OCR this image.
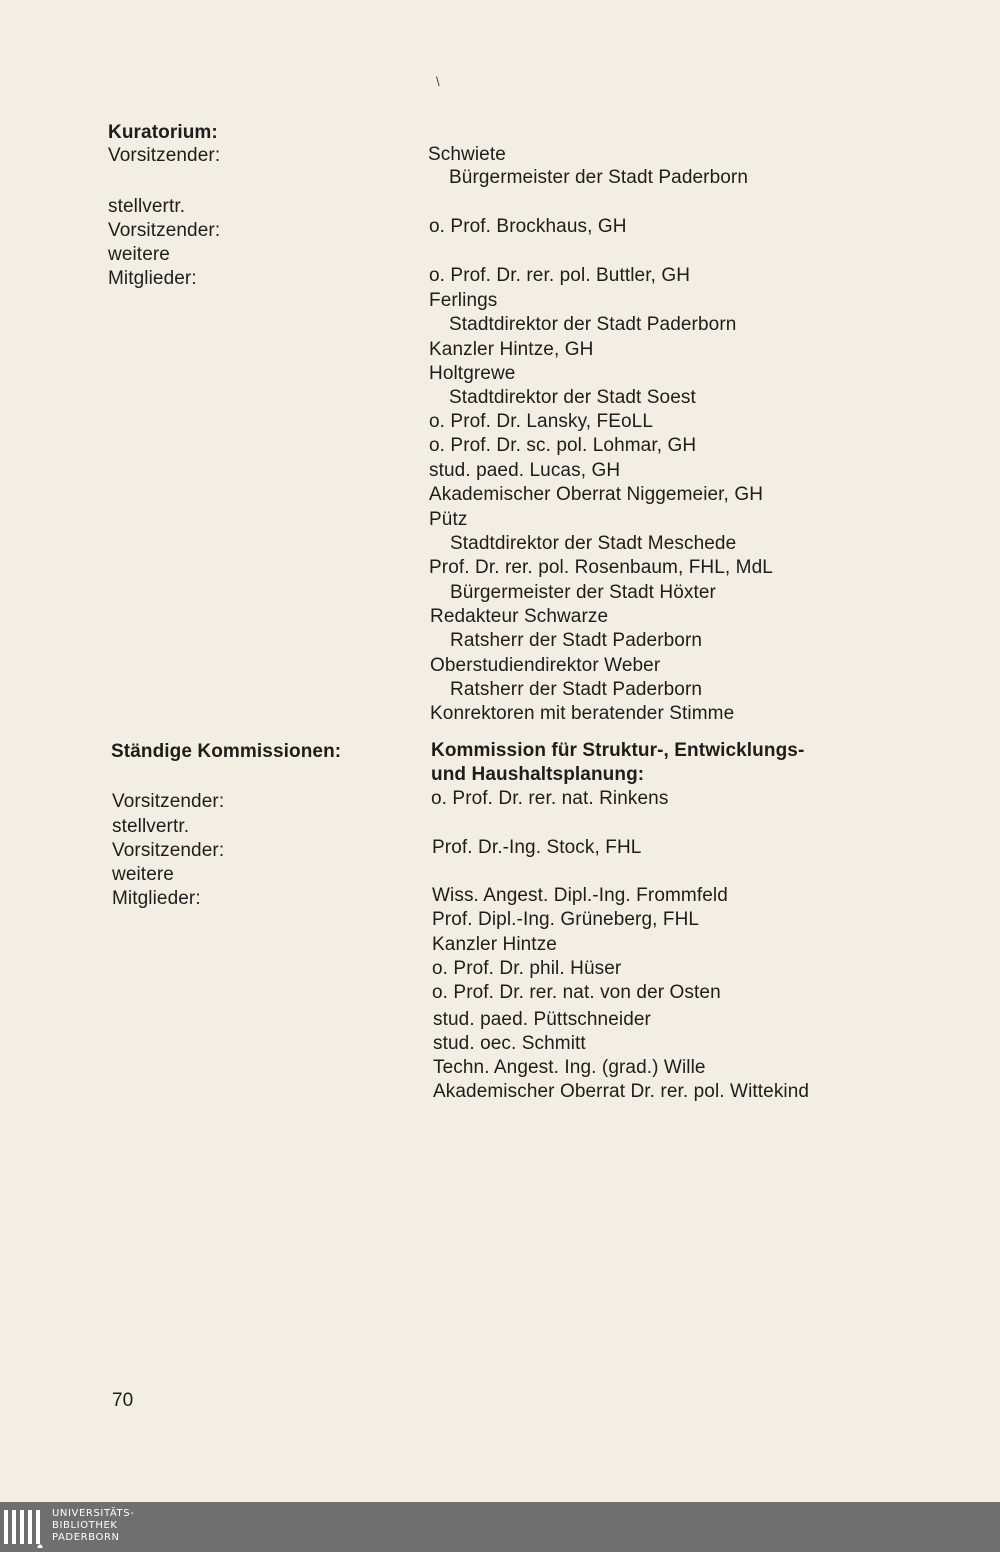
\
Kuratorium:
Vorsitzender:
stellvertr.
Vorsitzender:
weitere
Mitglieder:
Schwiete
Bürgermeister der Stadt Paderborn
o. Prof. Brockhaus, GH
o. Prof. Dr. rer. pol. Buttler, GH
Ferlings
Stadtdirektor der Stadt Paderborn
Kanzler Hintze, GH
Holtgrewe
Stadtdirektor der Stadt Soest
o. Prof. Dr. Lansky, FEoLL
o. Prof. Dr. sc. pol. Lohmar, GH
stud. paed. Lucas, GH
Akademischer Oberrat Niggemeier, GH
Pütz
Stadtdirektor der Stadt Meschede
Prof. Dr. rer. pol. Rosenbaum, FHL, MdL
Bürgermeister der Stadt Höxter
Redakteur Schwarze
Ratsherr der Stadt Paderborn
Oberstudiendirektor Weber
Ratsherr der Stadt Paderborn
Konrektoren mit beratender Stimme
Ständige Kommissionen:	Kommission für Struktur-, Entwicklungs-
und Haushaltsplanung:
Vorsitzender:
stellvertr.
Vorsitzender:
weitere
Mitglieder:
o. Prof. Dr. rer. nat. Rinkens
Prof. Dr.-Ing. Stock, FHL
Wiss. Angest. Dipl.-Ing. Frommfeld
Prof. Dipl.-Ing. Grüneberg, FHL
Kanzler Hintze
o. Prof. Dr. phil. Hüser
o. Prof. Dr. rer. nat. von der Osten
stud. paed. Püttschneider
stud. oec. Schmitt
Techn. Angest. Ing. (grad.) Wille
Akademischer Oberrat Dr. rer. pol. Wittekind
70
UNIVERSITÄTS-
BIBLIOTHEK
PADERBORN
